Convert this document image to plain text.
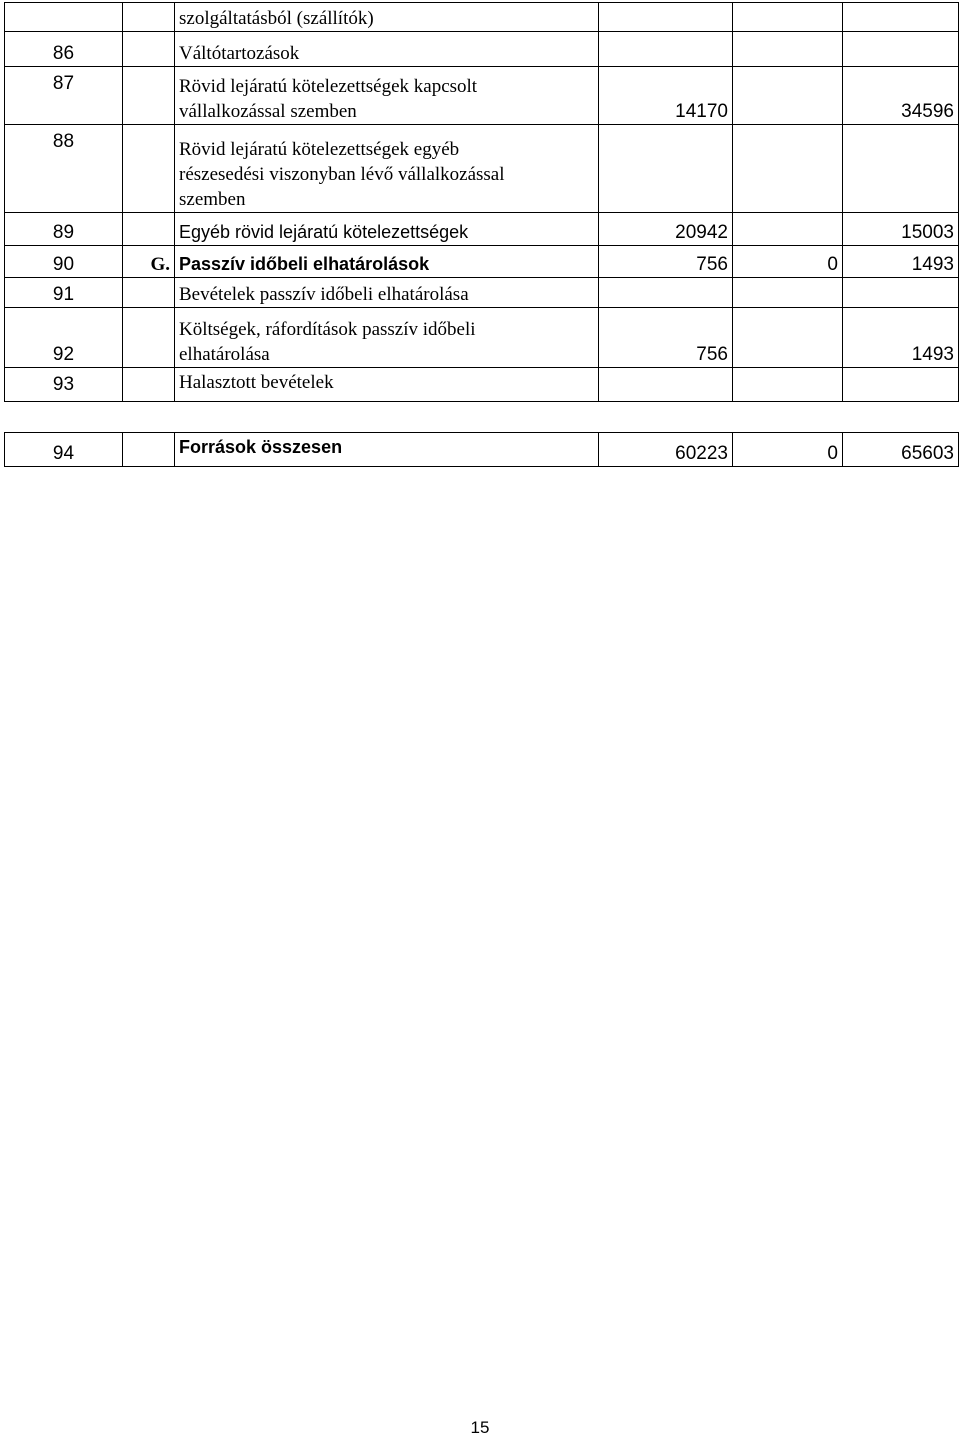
		szolgáltatásból (szállítók)			

86		Váltótartozások			

87		Rövid lejáratú kötelezettségek kapcsolt
vállalkozással szemben	14170		34596
88		Rövid lejáratú kötelezettségek egyéb
részesedési viszonyban lévő vállalkozással
szemben			

89		Egyéb rövid lejáratú kötelezettségek	20942		15003
90	G.	Passzív időbeli elhatárolások	756	0	1493
91		Bevételek passzív időbeli elhatárolása			

92		Költségek, ráfordítások passzív időbeli
elhatárolása	756		1493
93		Halasztott bevételek			

94		Források összesen	60223	0	65603
15
